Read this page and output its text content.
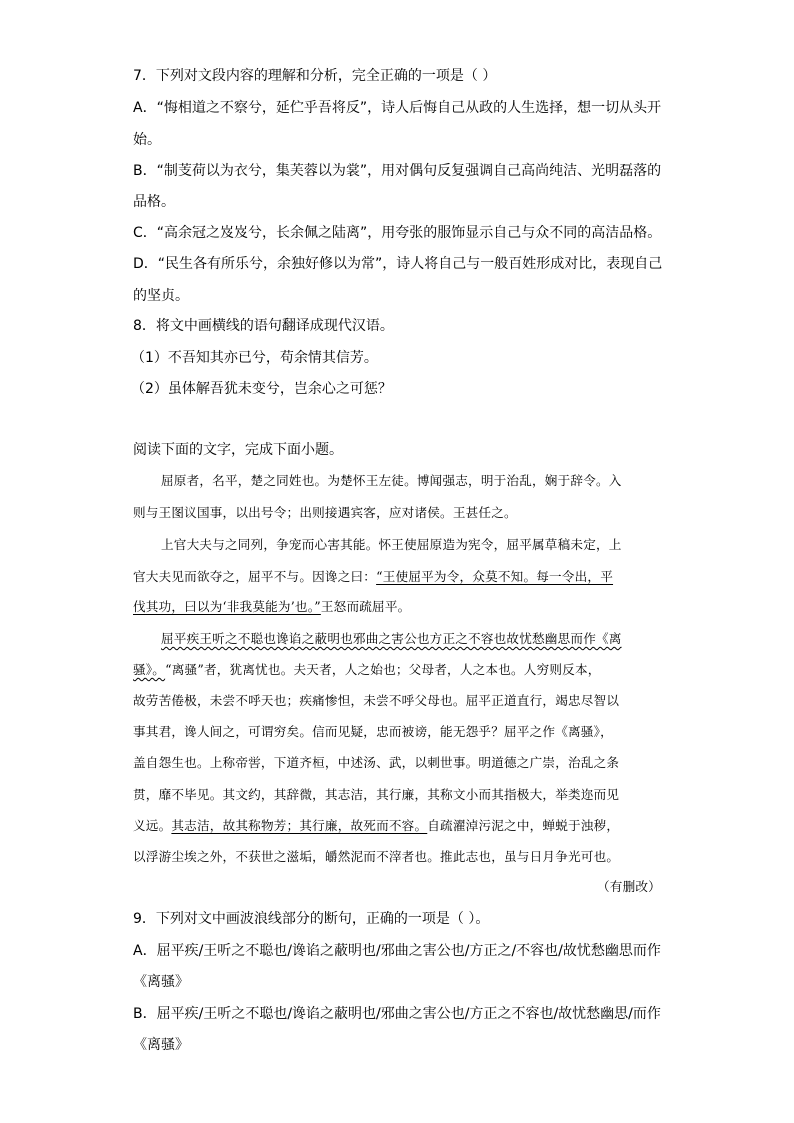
7．下列对文段内容的理解和分析，完全正确的一项是（ ）
A．“悔相道之不察兮，延伫乎吾将反”，诗人后悔自己从政的人生选择，想一切从头开
始。
B．“制芰荷以为衣兮，集芙蓉以为裳”，用对偶句反复强调自己高尚纯洁、光明磊落的
品格。
C．“高余冠之岌岌兮，长余佩之陆离”，用夸张的服饰显示自己与众不同的高洁品格。
D．“民生各有所乐兮，余独好修以为常”，诗人将自己与一般百姓形成对比，表现自己
的坚贞。
8．将文中画横线的语句翻译成现代汉语。
（1）不吾知其亦已兮，苟余情其信芳。
（2）虽体解吾犹未变兮，岂余心之可惩？
阅读下面的文字，完成下面小题。
屈原者，名平，楚之同姓也。为楚怀王左徒。博闻强志，明于治乱，娴于辞令。入
则与王图议国事，以出号令；出则接遇宾客，应对诸侯。王甚任之。
上官大夫与之同列，争宠而心害其能。怀王使屈原造为宪令，屈平属草稿未定，上
官大夫见而欲夺之，屈平不与。因谗之曰：“王使屈平为令，众莫不知。每一令出，平
伐其功，曰以为‘非我莫能为’也。”王怒而疏屈平。
屈平疾王听之不聪也谗谄之蔽明也邪曲之害公也方正之不容也故忧愁幽思而作《离
骚》。“离骚”者，犹离忧也。夫天者，人之始也；父母者，人之本也。人穷则反本，
故劳苦倦极，未尝不呼天也；疾痛惨怛，未尝不呼父母也。屈平正道直行，竭忠尽智以
事其君，谗人间之，可谓穷矣。信而见疑，忠而被谤，能无怨乎？屈平之作《离骚》，
盖自怨生也。上称帝喾，下道齐桓，中述汤、武，以刺世事。明道德之广崇，治乱之条
贯，靡不毕见。其文约，其辞微，其志洁，其行廉，其称文小而其指极大，举类迩而见
义远。其志洁，故其称物芳；其行廉，故死而不容。自疏濯淖污泥之中，蝉蜕于浊秽，
以浮游尘埃之外，不获世之滋垢，皭然泥而不滓者也。推此志也，虽与日月争光可也。
（有删改）
9．下列对文中画波浪线部分的断句，正确的一项是（ ）。
A．屈平疾/王听之不聪也/谗谄之蔽明也/邪曲之害公也/方正之/不容也/故忧愁幽思而作
《离骚》
B．屈平疾/王听之不聪也/谗谄之蔽明也/邪曲之害公也/方正之不容也/故忧愁幽思/而作
《离骚》
